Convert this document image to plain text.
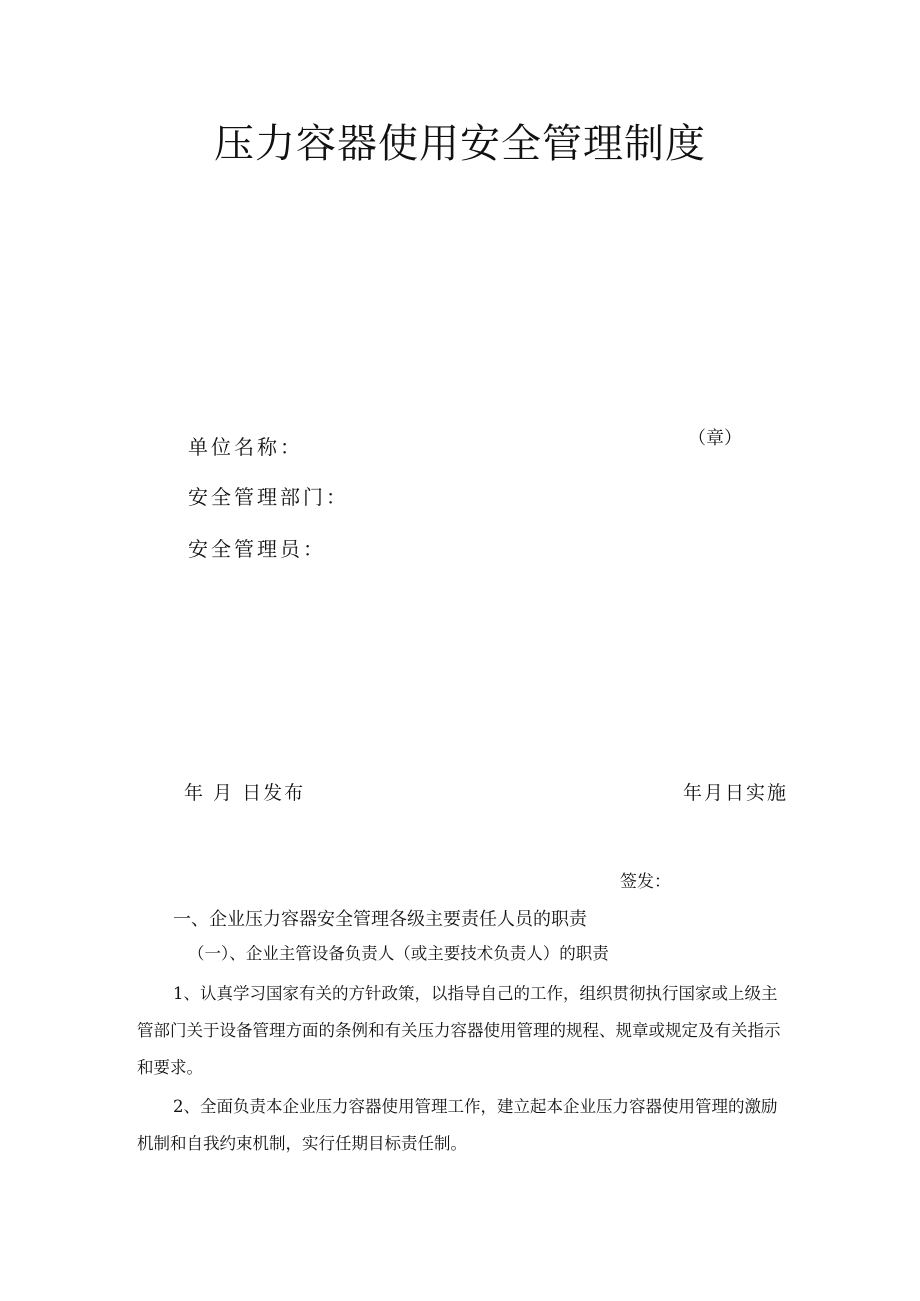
压力容器使用安全管理制度
（章）
单位名称：
安全管理部门：
安全管理员：
年 月 日发布	年月日实施
签发：
一、企业压力容器安全管理各级主要责任人员的职责
（一）、企业主管设备负责人（或主要技术负责人）的职责

1、认真学习国家有关的方针政策，以指导自己的工作，组织贯彻执行国家或上级主管部门关于设备管理方面的条例和有关压力容器使用管理的规程、规章或规定及有关指示和要求。

2、全面负责本企业压力容器使用管理工作，建立起本企业压力容器使用管理的激励机制和自我约束机制，实行任期目标责任制。
